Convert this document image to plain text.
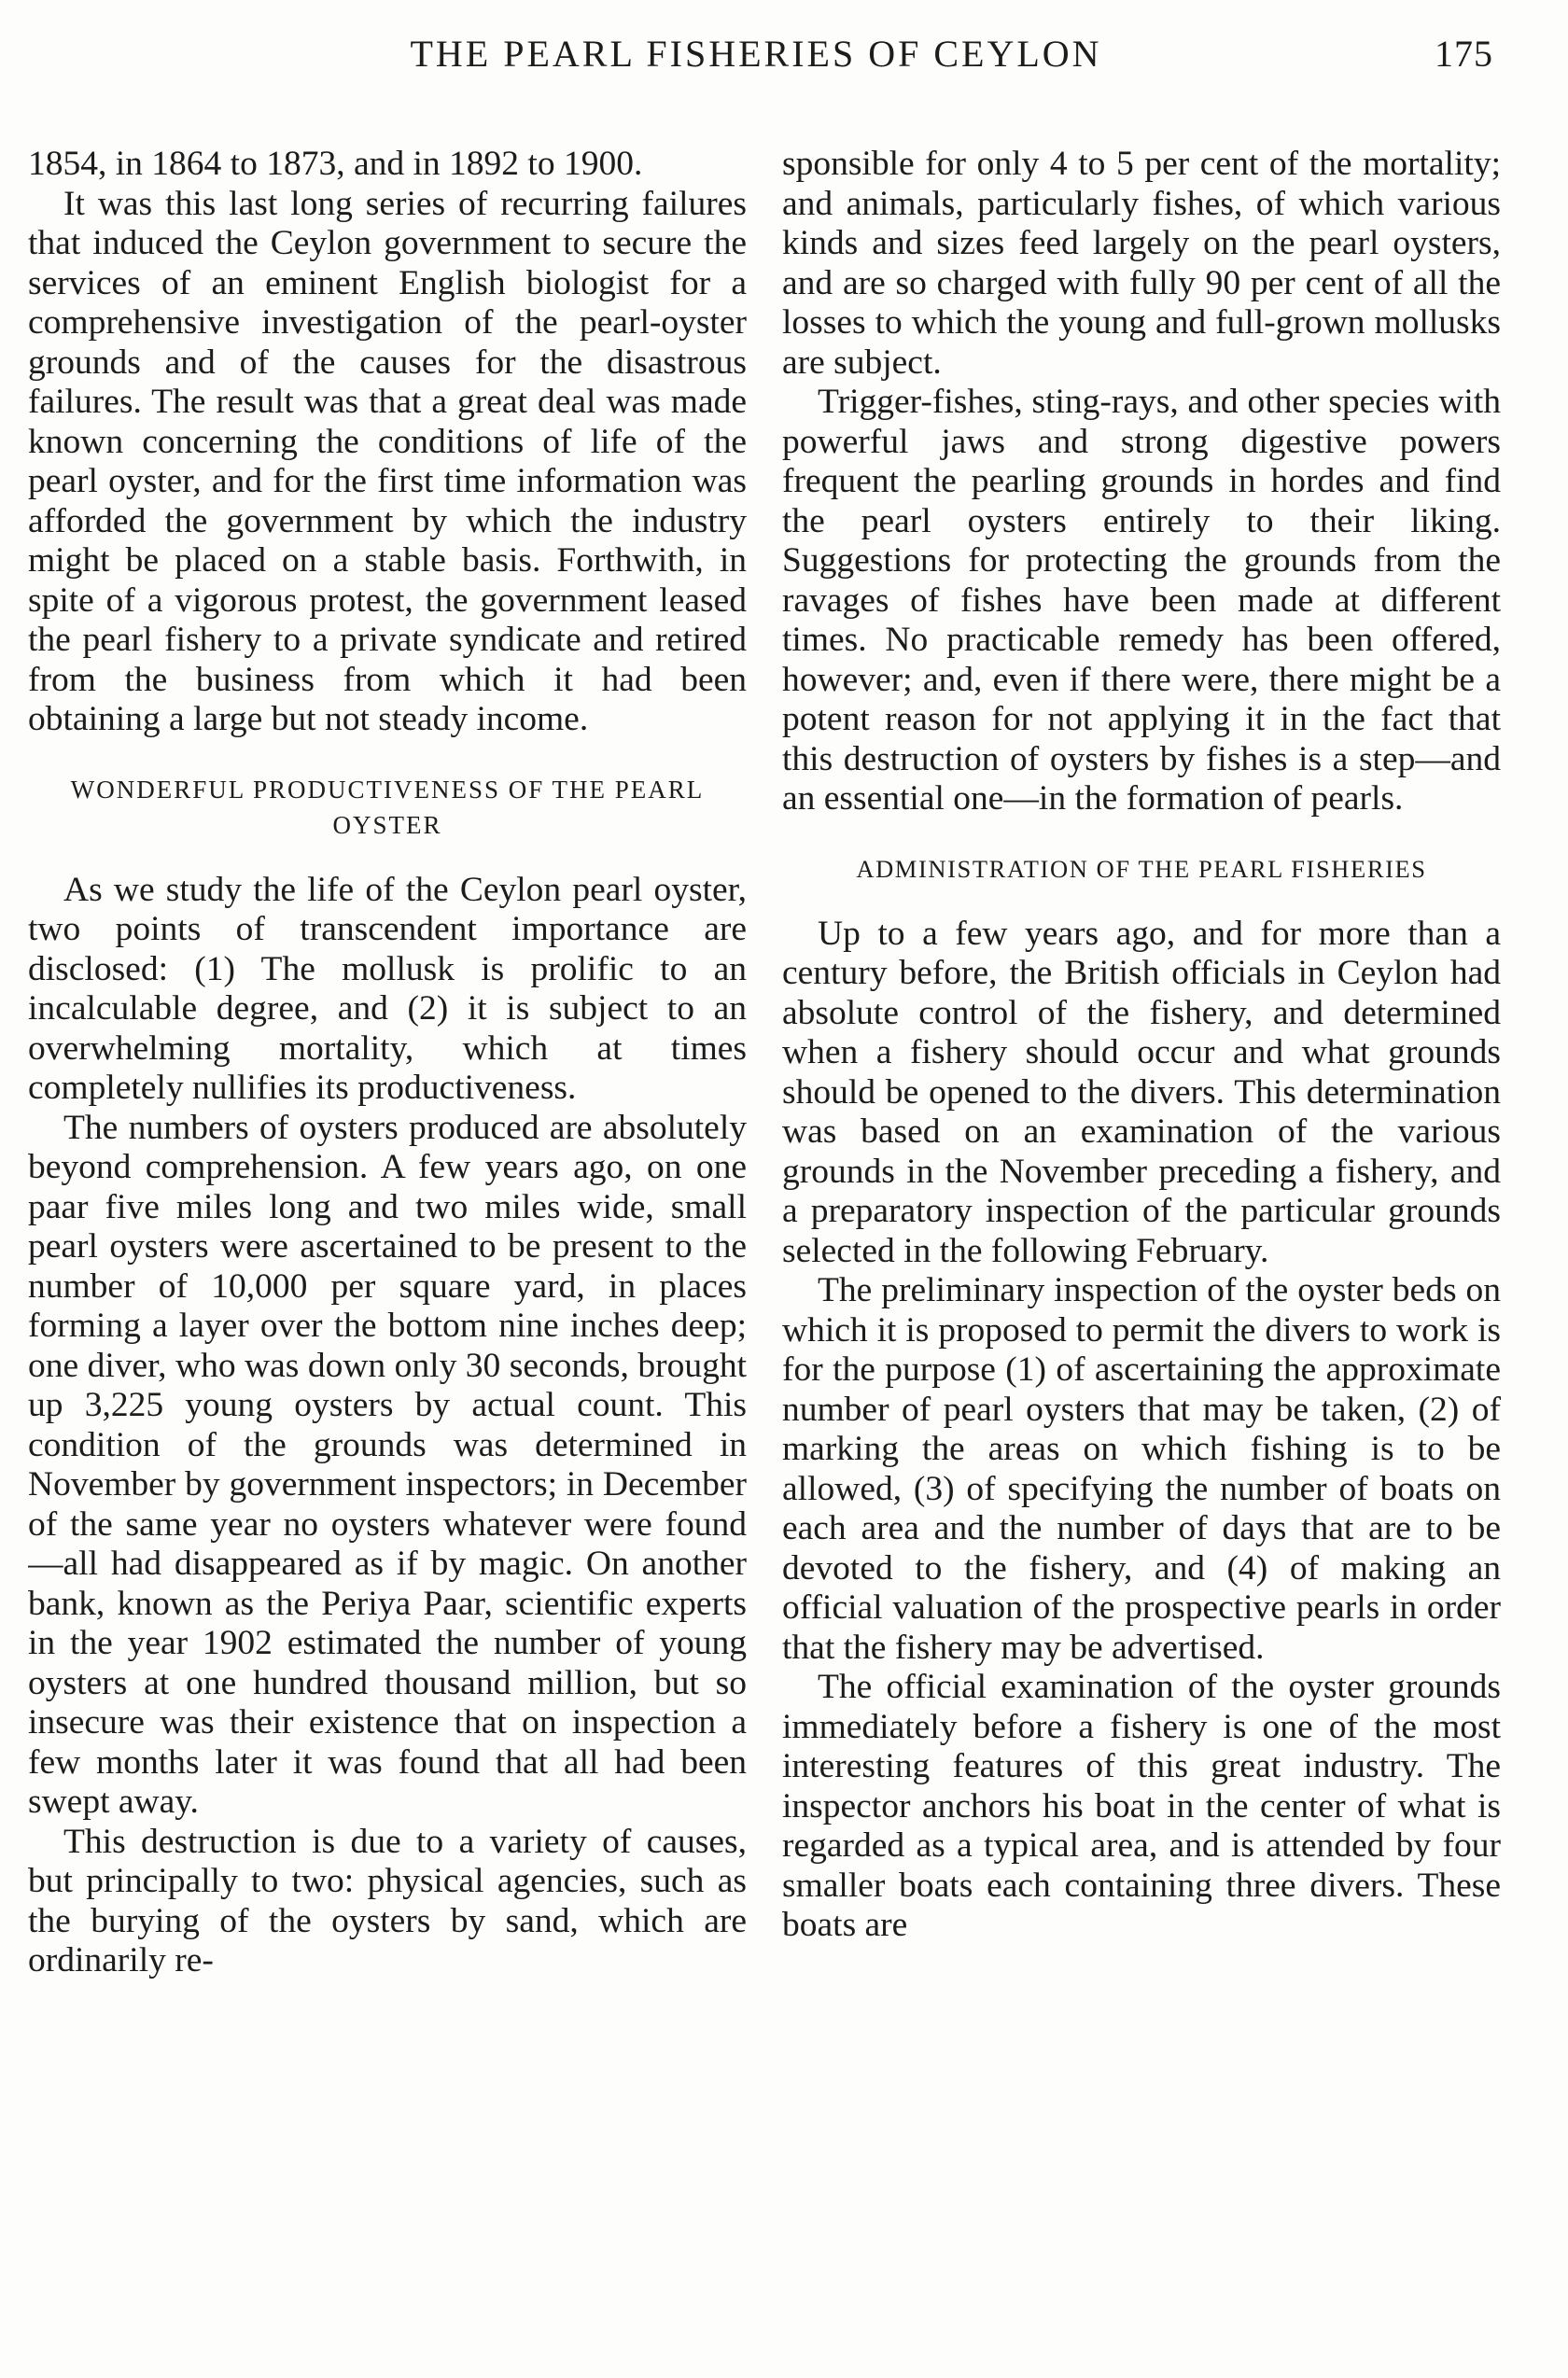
THE PEARL FISHERIES OF CEYLON	175

1854, in 1864 to 1873, and in 1892 to 1900.

It was this last long series of recurring failures that induced the Ceylon government to secure the services of an eminent English biologist for a comprehensive investigation of the pearl-oyster grounds and of the causes for the disastrous failures. The result was that a great deal was made known concerning the conditions of life of the pearl oyster, and for the first time information was afforded the government by which the industry might be placed on a stable basis. Forthwith, in spite of a vigorous protest, the government leased the pearl fishery to a private syndicate and retired from the business from which it had been obtaining a large but not steady income.

WONDERFUL PRODUCTIVENESS OF THE PEARL OYSTER

As we study the life of the Ceylon pearl oyster, two points of transcendent importance are disclosed: (1) The mollusk is prolific to an incalculable degree, and (2) it is subject to an overwhelming mortality, which at times completely nullifies its productiveness.

The numbers of oysters produced are absolutely beyond comprehension. A few years ago, on one paar five miles long and two miles wide, small pearl oysters were ascertained to be present to the number of 10,000 per square yard, in places forming a layer over the bottom nine inches deep; one diver, who was down only 30 seconds, brought up 3,225 young oysters by actual count. This condition of the grounds was determined in November by government inspectors; in December of the same year no oysters whatever were found—all had disappeared as if by magic. On another bank, known as the Periya Paar, scientific experts in the year 1902 estimated the number of young oysters at one hundred thousand million, but so insecure was their existence that on inspection a few months later it was found that all had been swept away.

This destruction is due to a variety of causes, but principally to two: physical agencies, such as the burying of the oysters by sand, which are ordinarily re-

sponsible for only 4 to 5 per cent of the mortality; and animals, particularly fishes, of which various kinds and sizes feed largely on the pearl oysters, and are so charged with fully 90 per cent of all the losses to which the young and full-grown mollusks are subject.

Trigger-fishes, sting-rays, and other species with powerful jaws and strong digestive powers frequent the pearling grounds in hordes and find the pearl oysters entirely to their liking. Suggestions for protecting the grounds from the ravages of fishes have been made at different times. No practicable remedy has been offered, however; and, even if there were, there might be a potent reason for not applying it in the fact that this destruction of oysters by fishes is a step—and an essential one—in the formation of pearls.

ADMINISTRATION OF THE PEARL FISHERIES

Up to a few years ago, and for more than a century before, the British officials in Ceylon had absolute control of the fishery, and determined when a fishery should occur and what grounds should be opened to the divers. This determination was based on an examination of the various grounds in the November preceding a fishery, and a preparatory inspection of the particular grounds selected in the following February.

The preliminary inspection of the oyster beds on which it is proposed to permit the divers to work is for the purpose (1) of ascertaining the approximate number of pearl oysters that may be taken, (2) of marking the areas on which fishing is to be allowed, (3) of specifying the number of boats on each area and the number of days that are to be devoted to the fishery, and (4) of making an official valuation of the prospective pearls in order that the fishery may be advertised.

The official examination of the oyster grounds immediately before a fishery is one of the most interesting features of this great industry. The inspector anchors his boat in the center of what is regarded as a typical area, and is attended by four smaller boats each containing three divers. These boats are
